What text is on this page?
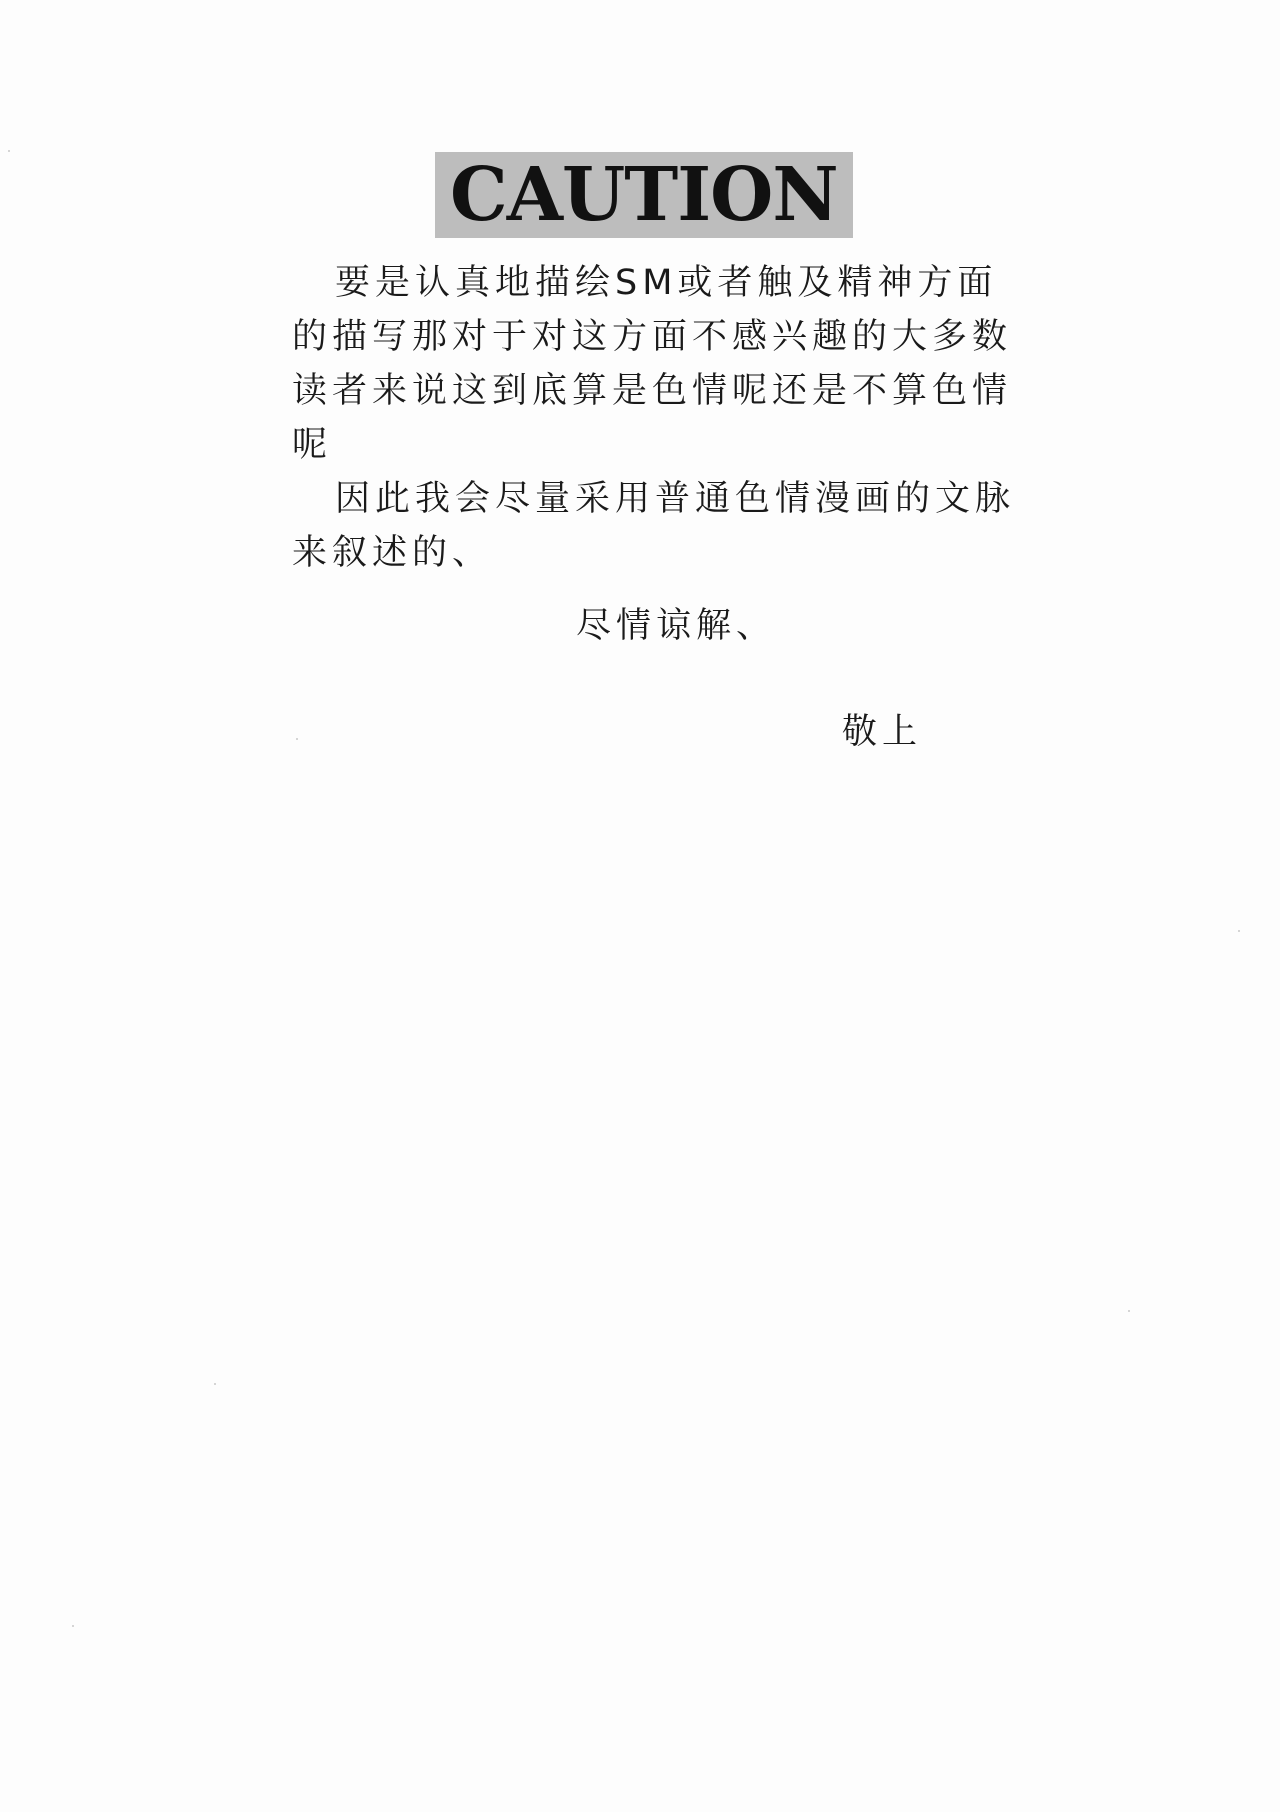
CAUTION

要是认真地描绘SM或者触及精神方面的描写那对于对这方面不感兴趣的大多数读者来说这到底算是色情呢还是不算色情呢

因此我会尽量采用普通色情漫画的文脉来叙述的、

尽情谅解、
敬上
